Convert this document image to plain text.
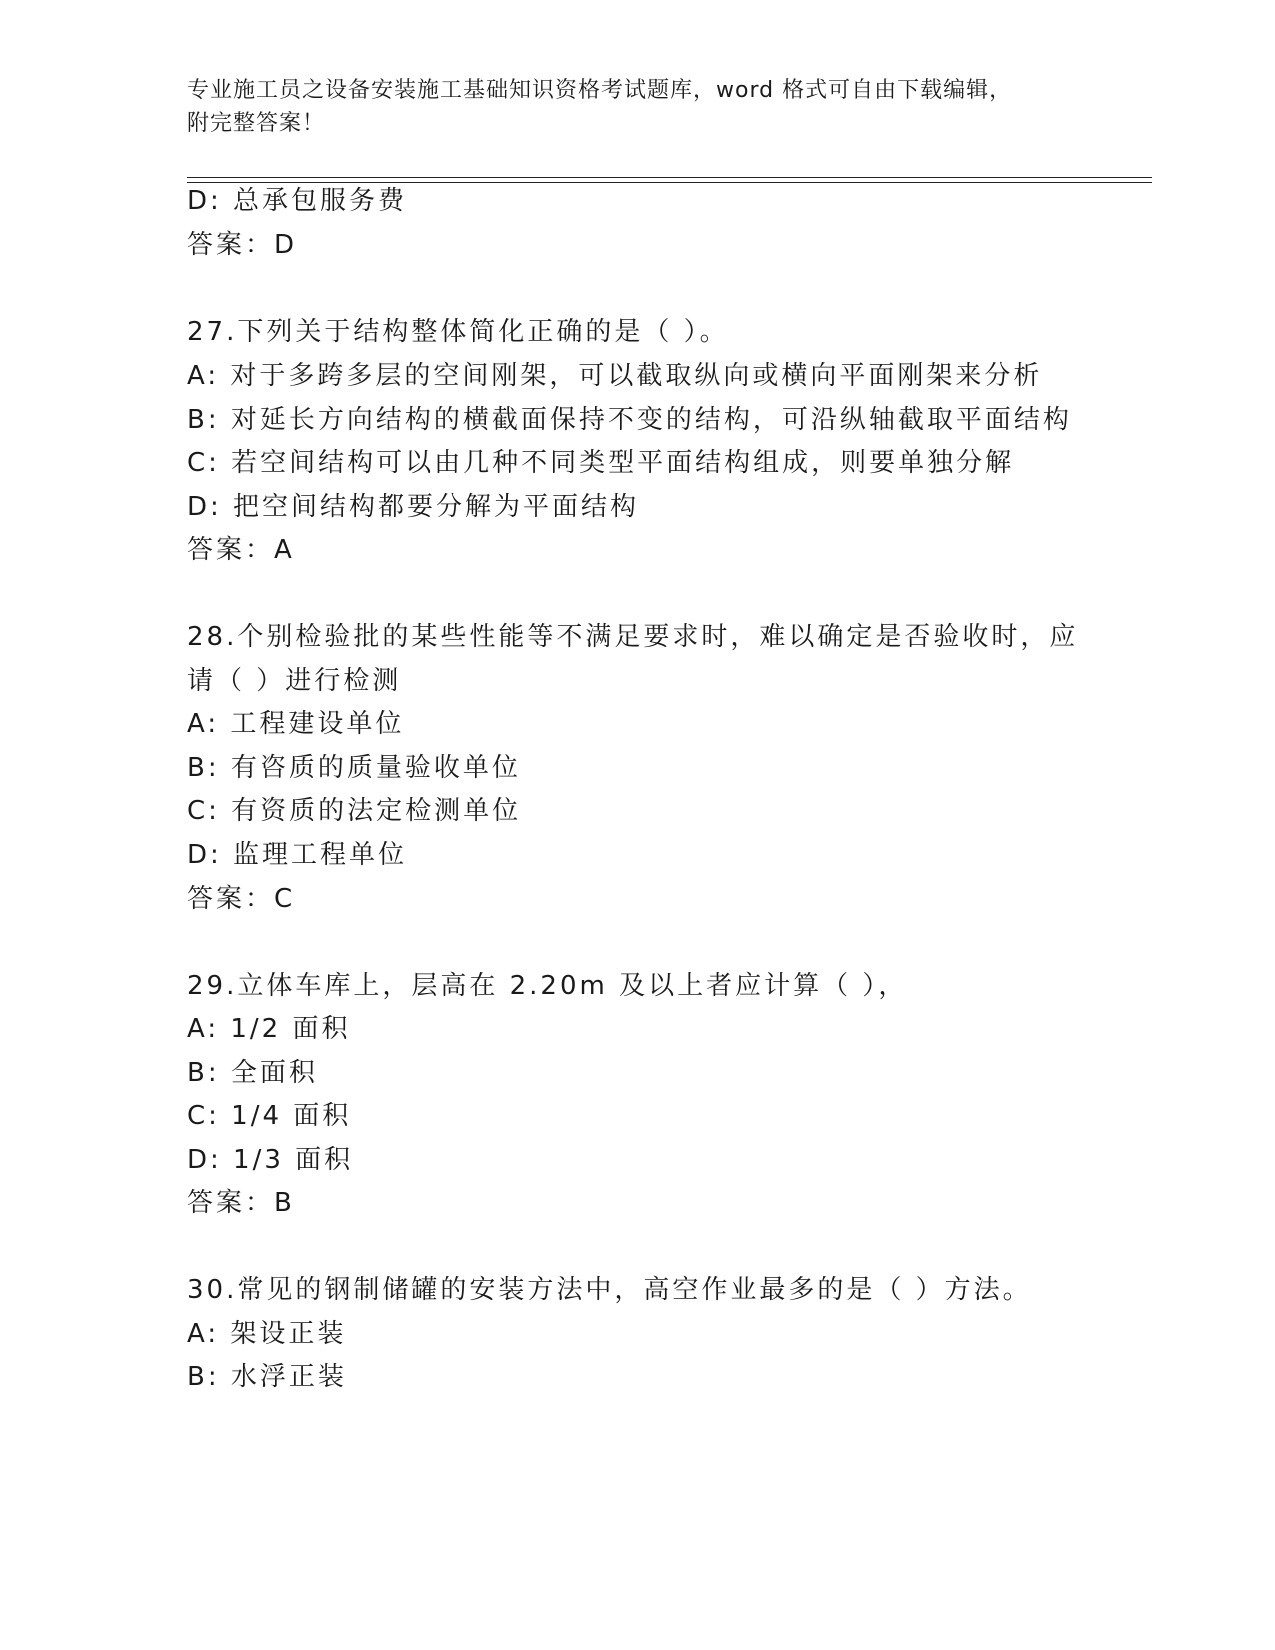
专业施工员之设备安装施工基础知识资格考试题库，word 格式可自由下载编辑，
附完整答案！
D: 总承包服务费
答案：D
27.下列关于结构整体简化正确的是（ ）。
A: 对于多跨多层的空间刚架，可以截取纵向或横向平面刚架来分析
B: 对延长方向结构的横截面保持不变的结构，可沿纵轴截取平面结构
C: 若空间结构可以由几种不同类型平面结构组成，则要单独分解
D: 把空间结构都要分解为平面结构
答案：A
28.个别检验批的某些性能等不满足要求时，难以确定是否验收时，应
请（ ）进行检测
A: 工程建设单位
B: 有咨质的质量验收单位
C: 有资质的法定检测单位
D: 监理工程单位
答案：C
29.立体车库上，层高在 2.20m 及以上者应计算（ ），
A: 1/2 面积
B: 全面积
C: 1/4 面积
D: 1/3 面积
答案：B
30.常见的钢制储罐的安装方法中，高空作业最多的是（ ）方法。
A: 架设正装
B: 水浮正装
